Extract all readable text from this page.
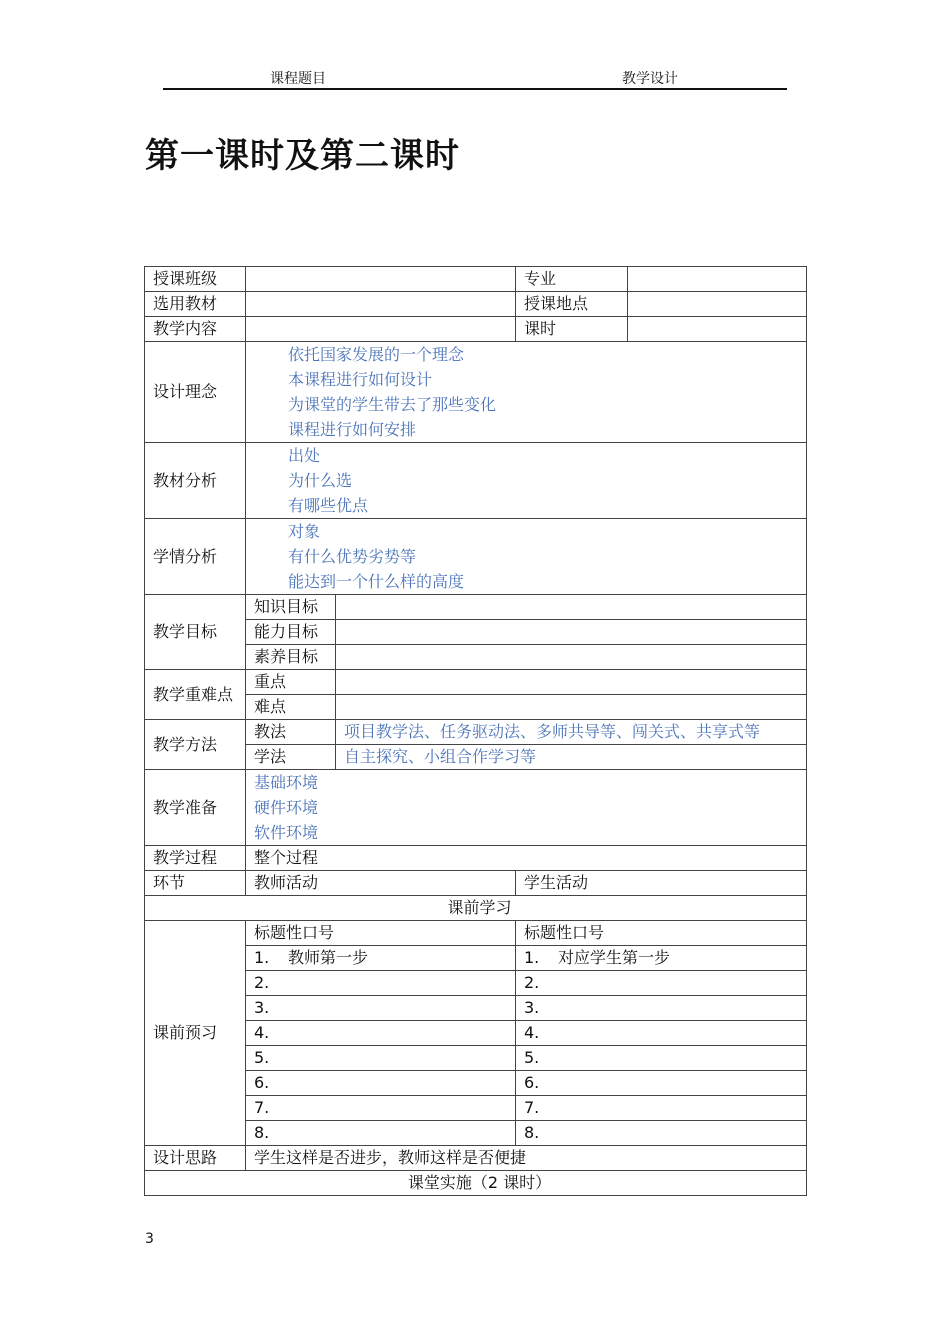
课程题目	教学设计
第一课时及第二课时
授课班级			专业	
选用教材			授课地点	
教学内容			课时	
设计理念	依托国家发展的一个理念
本课程进行如何设计
为课堂的学生带去了那些变化
课程进行如何安排			

教材分析	出处
为什么选
有哪些优点			

学情分析	对象
有什么优势劣势等
能达到一个什么样的高度			

教学目标	知识目标			
	能力目标			
	素养目标			
教学重难点	重点			
	难点			
教学方法	教法	项目教学法、任务驱动法、多师共导等、闯关式、共享式等		
	学法	自主探究、小组合作学习等		
教学准备	基础环境
硬件环境
软件环境			

教学过程	整个过程			
环节	教师活动		学生活动	
课前学习				
课前预习	标题性口号		标题性口号	
	1. 教师第一步		1. 对应学生第一步	
	2.		2.	
	3.		3.	
	4.		4.	
	5.		5.	
	6.		6.	
	7.		7.	
	8.		8.	
设计思路	学生这样是否进步，教师这样是否便捷			
课堂实施（2 课时）				
3
